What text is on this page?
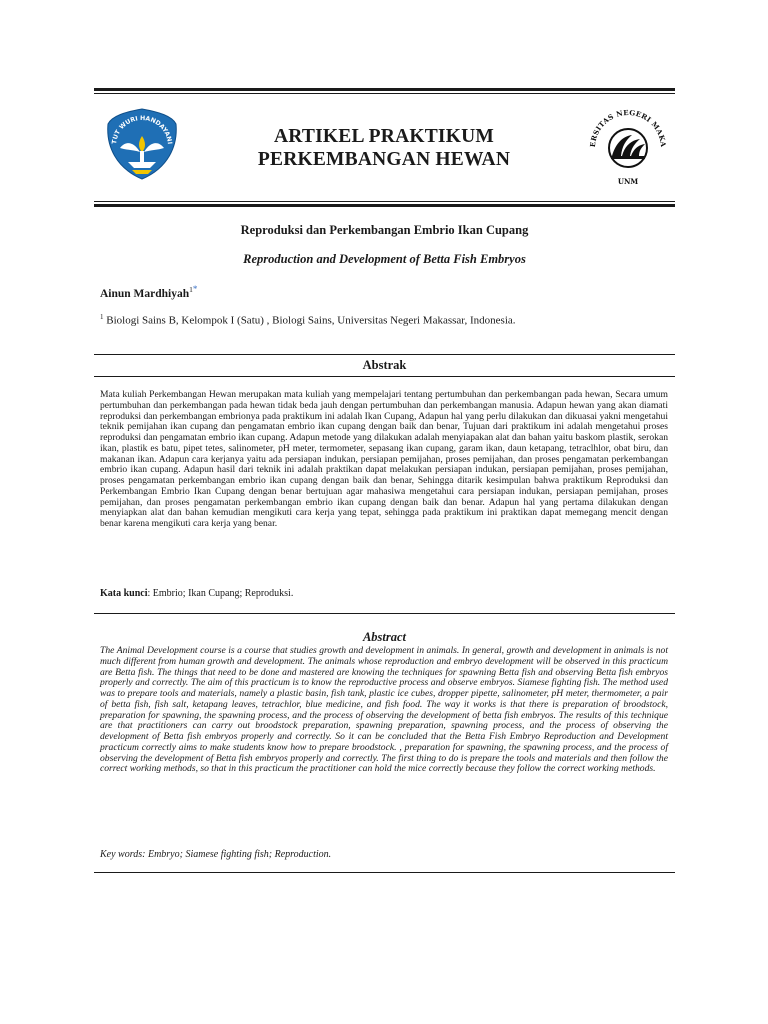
TUT WURI HANDAYANI	ARTIKEL PRAKTIKUM
PERKEMBANGAN HEWAN
ERSITAS NEGERI MAKA
UNM
Reproduksi dan Perkembangan Embrio Ikan Cupang
Reproduction and Development of Betta Fish Embryos
Ainun Mardhiyah$^{1*}$
$^1$ Biologi Sains B, Kelompok I (Satu) , Biologi Sains, Universitas Negeri Makassar, Indonesia.
Abstrak

Mata kuliah Perkembangan Hewan merupakan mata kuliah yang mempelajari tentang pertumbuhan dan perkembangan pada hewan, Secara umum pertumbuhan dan perkembangan pada hewan tidak beda jauh dengan pertumbuhan dan perkembangan manusia. Adapun hewan yang akan diamati reproduksi dan perkembangan embrionya pada praktikum ini adalah Ikan Cupang, Adapun hal yang perlu dilakukan dan dikuasai yakni mengetahui teknik pemijahan ikan cupang dan pengamatan embrio ikan cupang dengan baik dan benar, Tujuan dari praktikum ini adalah mengetahui proses reproduksi dan pengamatan embrio ikan cupang. Adapun metode yang dilakukan adalah menyiapakan alat dan bahan yaitu baskom plastik, serokan ikan, plastik es batu, pipet tetes, salinometer, pH meter, termometer, sepasang ikan cupang, garam ikan, daun ketapang, tetraclhlor, obat biru, dan makanan ikan. Adapun cara kerjanya yaitu ada persiapan indukan, persiapan pemijahan, proses pemijahan, dan proses pengamatan perkembangan embrio ikan cupang. Adapun hasil dari teknik ini adalah praktikan dapat melakukan persiapan indukan, persiapan pemijahan, proses pemijahan, proses pengamatan perkembangan embrio ikan cupang dengan baik dan benar, Sehingga ditarik kesimpulan bahwa praktikum Reproduksi dan Perkembangan Embrio Ikan Cupang dengan benar bertujuan agar mahasiwa mengetahui cara persiapan indukan, persiapan pemijahan, proses pemijahan, dan proses pengamatan perkembangan embrio ikan cupang dengan baik dan benar. Adapun hal yang pertama dilakukan dengan menyiapkan alat dan bahan kemudian mengikuti cara kerja yang tepat, sehingga pada praktikum ini praktikan dapat memegang mencit dengan benar karena mengikuti cara kerja yang benar.

Kata kunci: Embrio; Ikan Cupang; Reproduksi.
Abstract

The Animal Development course is a course that studies growth and development in animals. In general, growth and development in animals is not much different from human growth and development. The animals whose reproduction and embryo development will be observed in this practicum are Betta fish. The things that need to be done and mastered are knowing the techniques for spawning Betta fish and observing Betta fish embryos properly and correctly. The aim of this practicum is to know the reproductive process and observe embryos. Siamese fighting fish. The method used was to prepare tools and materials, namely a plastic basin, fish tank, plastic ice cubes, dropper pipette, salinometer, pH meter, thermometer, a pair of betta fish, fish salt, ketapang leaves, tetrachlor, blue medicine, and fish food. The way it works is that there is preparation of broodstock, preparation for spawning, the spawning process, and the process of observing the development of betta fish embryos. The results of this technique are that practitioners can carry out broodstock preparation, spawning preparation, spawning process, and the process of observing the development of Betta fish embryos properly and correctly. So it can be concluded that the Betta Fish Embryo Reproduction and Development practicum correctly aims to make students know how to prepare broodstock. , preparation for spawning, the spawning process, and the process of observing the development of Betta fish embryos properly and correctly. The first thing to do is prepare the tools and materials and then follow the correct working methods, so that in this practicum the practitioner can hold the mice correctly because they follow the correct working methods.

Key words: Embryo; Siamese fighting fish; Reproduction.
